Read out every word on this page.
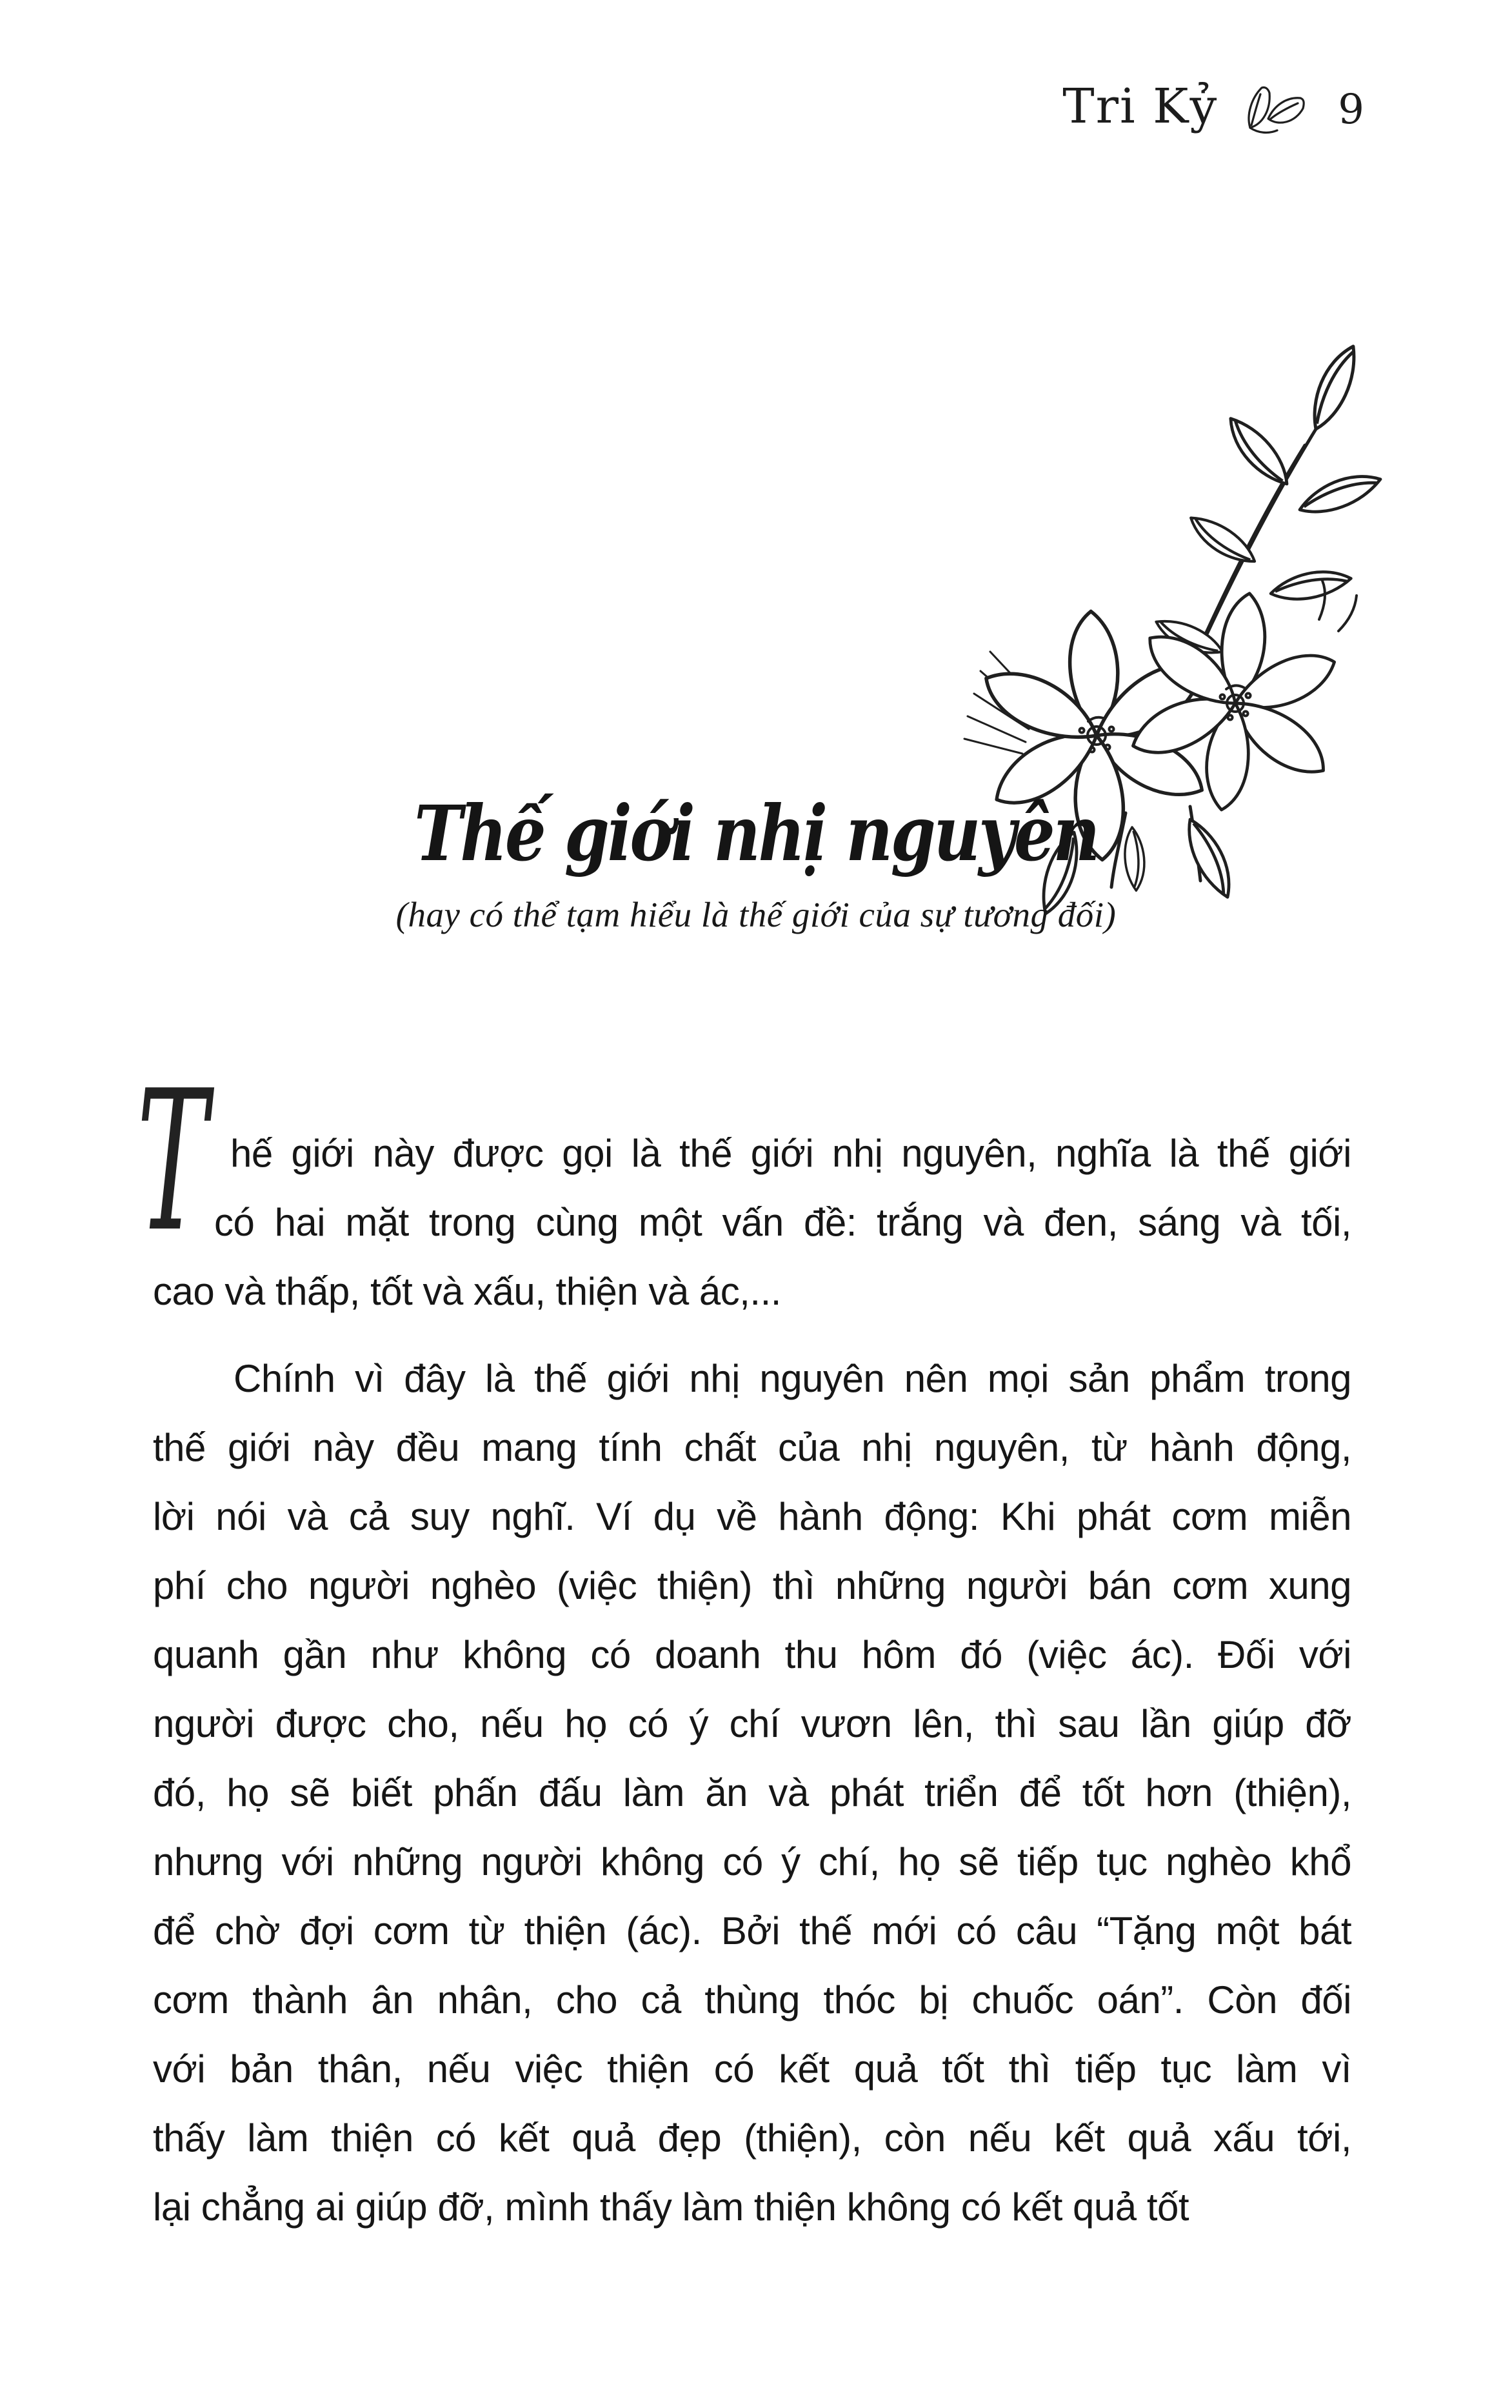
Tri Kỷ	9
Thế giới nhị nguyên
(hay có thể tạm hiểu là thế giới của sự tương đối)
T hế giới này được gọi là thế giới nhị nguyên, nghĩa là thế giới
có hai mặt trong cùng một vấn đề: trắng và đen, sáng và tối,
cao và thấp, tốt và xấu, thiện và ác,...
Chính vì đây là thế giới nhị nguyên nên mọi sản phẩm trong
thế giới này đều mang tính chất của nhị nguyên, từ hành động,
lời nói và cả suy nghĩ. Ví dụ về hành động: Khi phát cơm miễn
phí cho người nghèo (việc thiện) thì những người bán cơm xung
quanh gần như không có doanh thu hôm đó (việc ác). Đối với
người được cho, nếu họ có ý chí vươn lên, thì sau lần giúp đỡ
đó, họ sẽ biết phấn đấu làm ăn và phát triển để tốt hơn (thiện),
nhưng với những người không có ý chí, họ sẽ tiếp tục nghèo khổ
để chờ đợi cơm từ thiện (ác). Bởi thế mới có câu “Tặng một bát
cơm thành ân nhân, cho cả thùng thóc bị chuốc oán”. Còn đối
với bản thân, nếu việc thiện có kết quả tốt thì tiếp tục làm vì
thấy làm thiện có kết quả đẹp (thiện), còn nếu kết quả xấu tới,
lại chẳng ai giúp đỡ, mình thấy làm thiện không có kết quả tốt
